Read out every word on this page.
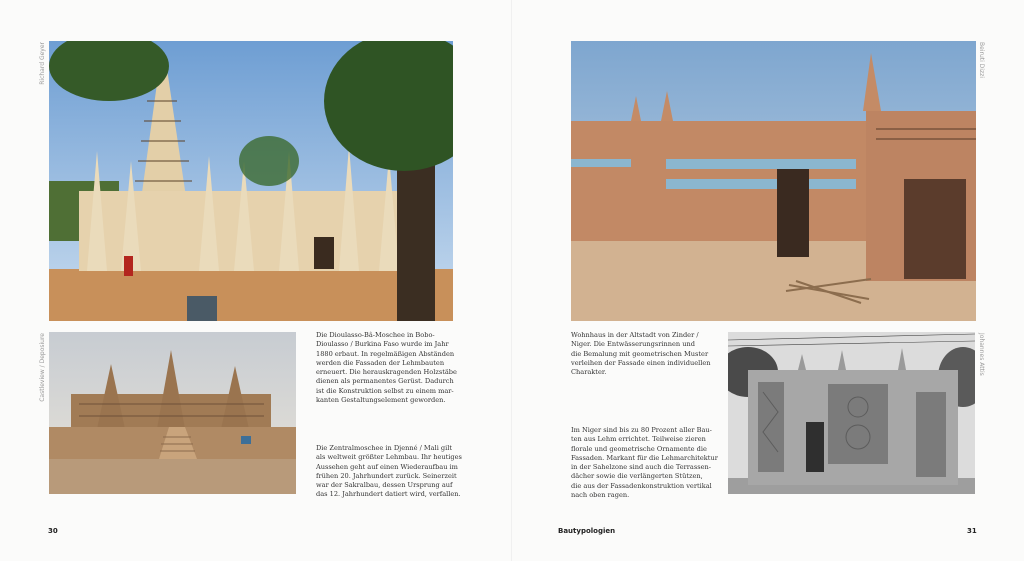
Richard Geyer
Castleview / Deposiure	Die Dioulasso-Bâ-Moschee in Bobo-
Dioulasso / Burkina Faso wurde im Jahr
1880 erbaut. In regelmäßigen Abständen
werden die Fassaden der Lehmbauten
erneuert. Die herauskragenden Holzstäbe
dienen als permanentes Gerüst. Dadurch
ist die Konstruktion selbst zu einem mar-
kanten Gestaltungselement geworden.
Die Zentralmoschee in Djenné / Mali gilt
als weltweit größter Lehmbau. Ihr heutiges
Aussehen geht auf einen Wiederaufbau im
frühen 20. Jahrhundert zurück. Seinerzeit
war der Sakralbau, dessen Ursprung auf
das 12. Jahrhundert datiert wird, verfallen.
30
Beiruti Dizzi
Wohnhaus in der Altstadt von Zinder /
Niger. Die Entwässerungsrinnen und
die Bemalung mit geometrischen Muster
verleihen der Fassade einen individuellen
Charakter.
Im Niger sind bis zu 80 Prozent aller Bau-
ten aus Lehm errichtet. Teilweise zieren
florale und geometrische Ornamente die
Fassaden. Markant für die Lehmarchitektur
in der Sahelzone sind auch die Terrassen-
dächer sowie die verlängerten Stützen,
die aus der Fassadenkonstruktion vertikal
nach oben ragen.
Johannes Attis
Bautypologien	31
